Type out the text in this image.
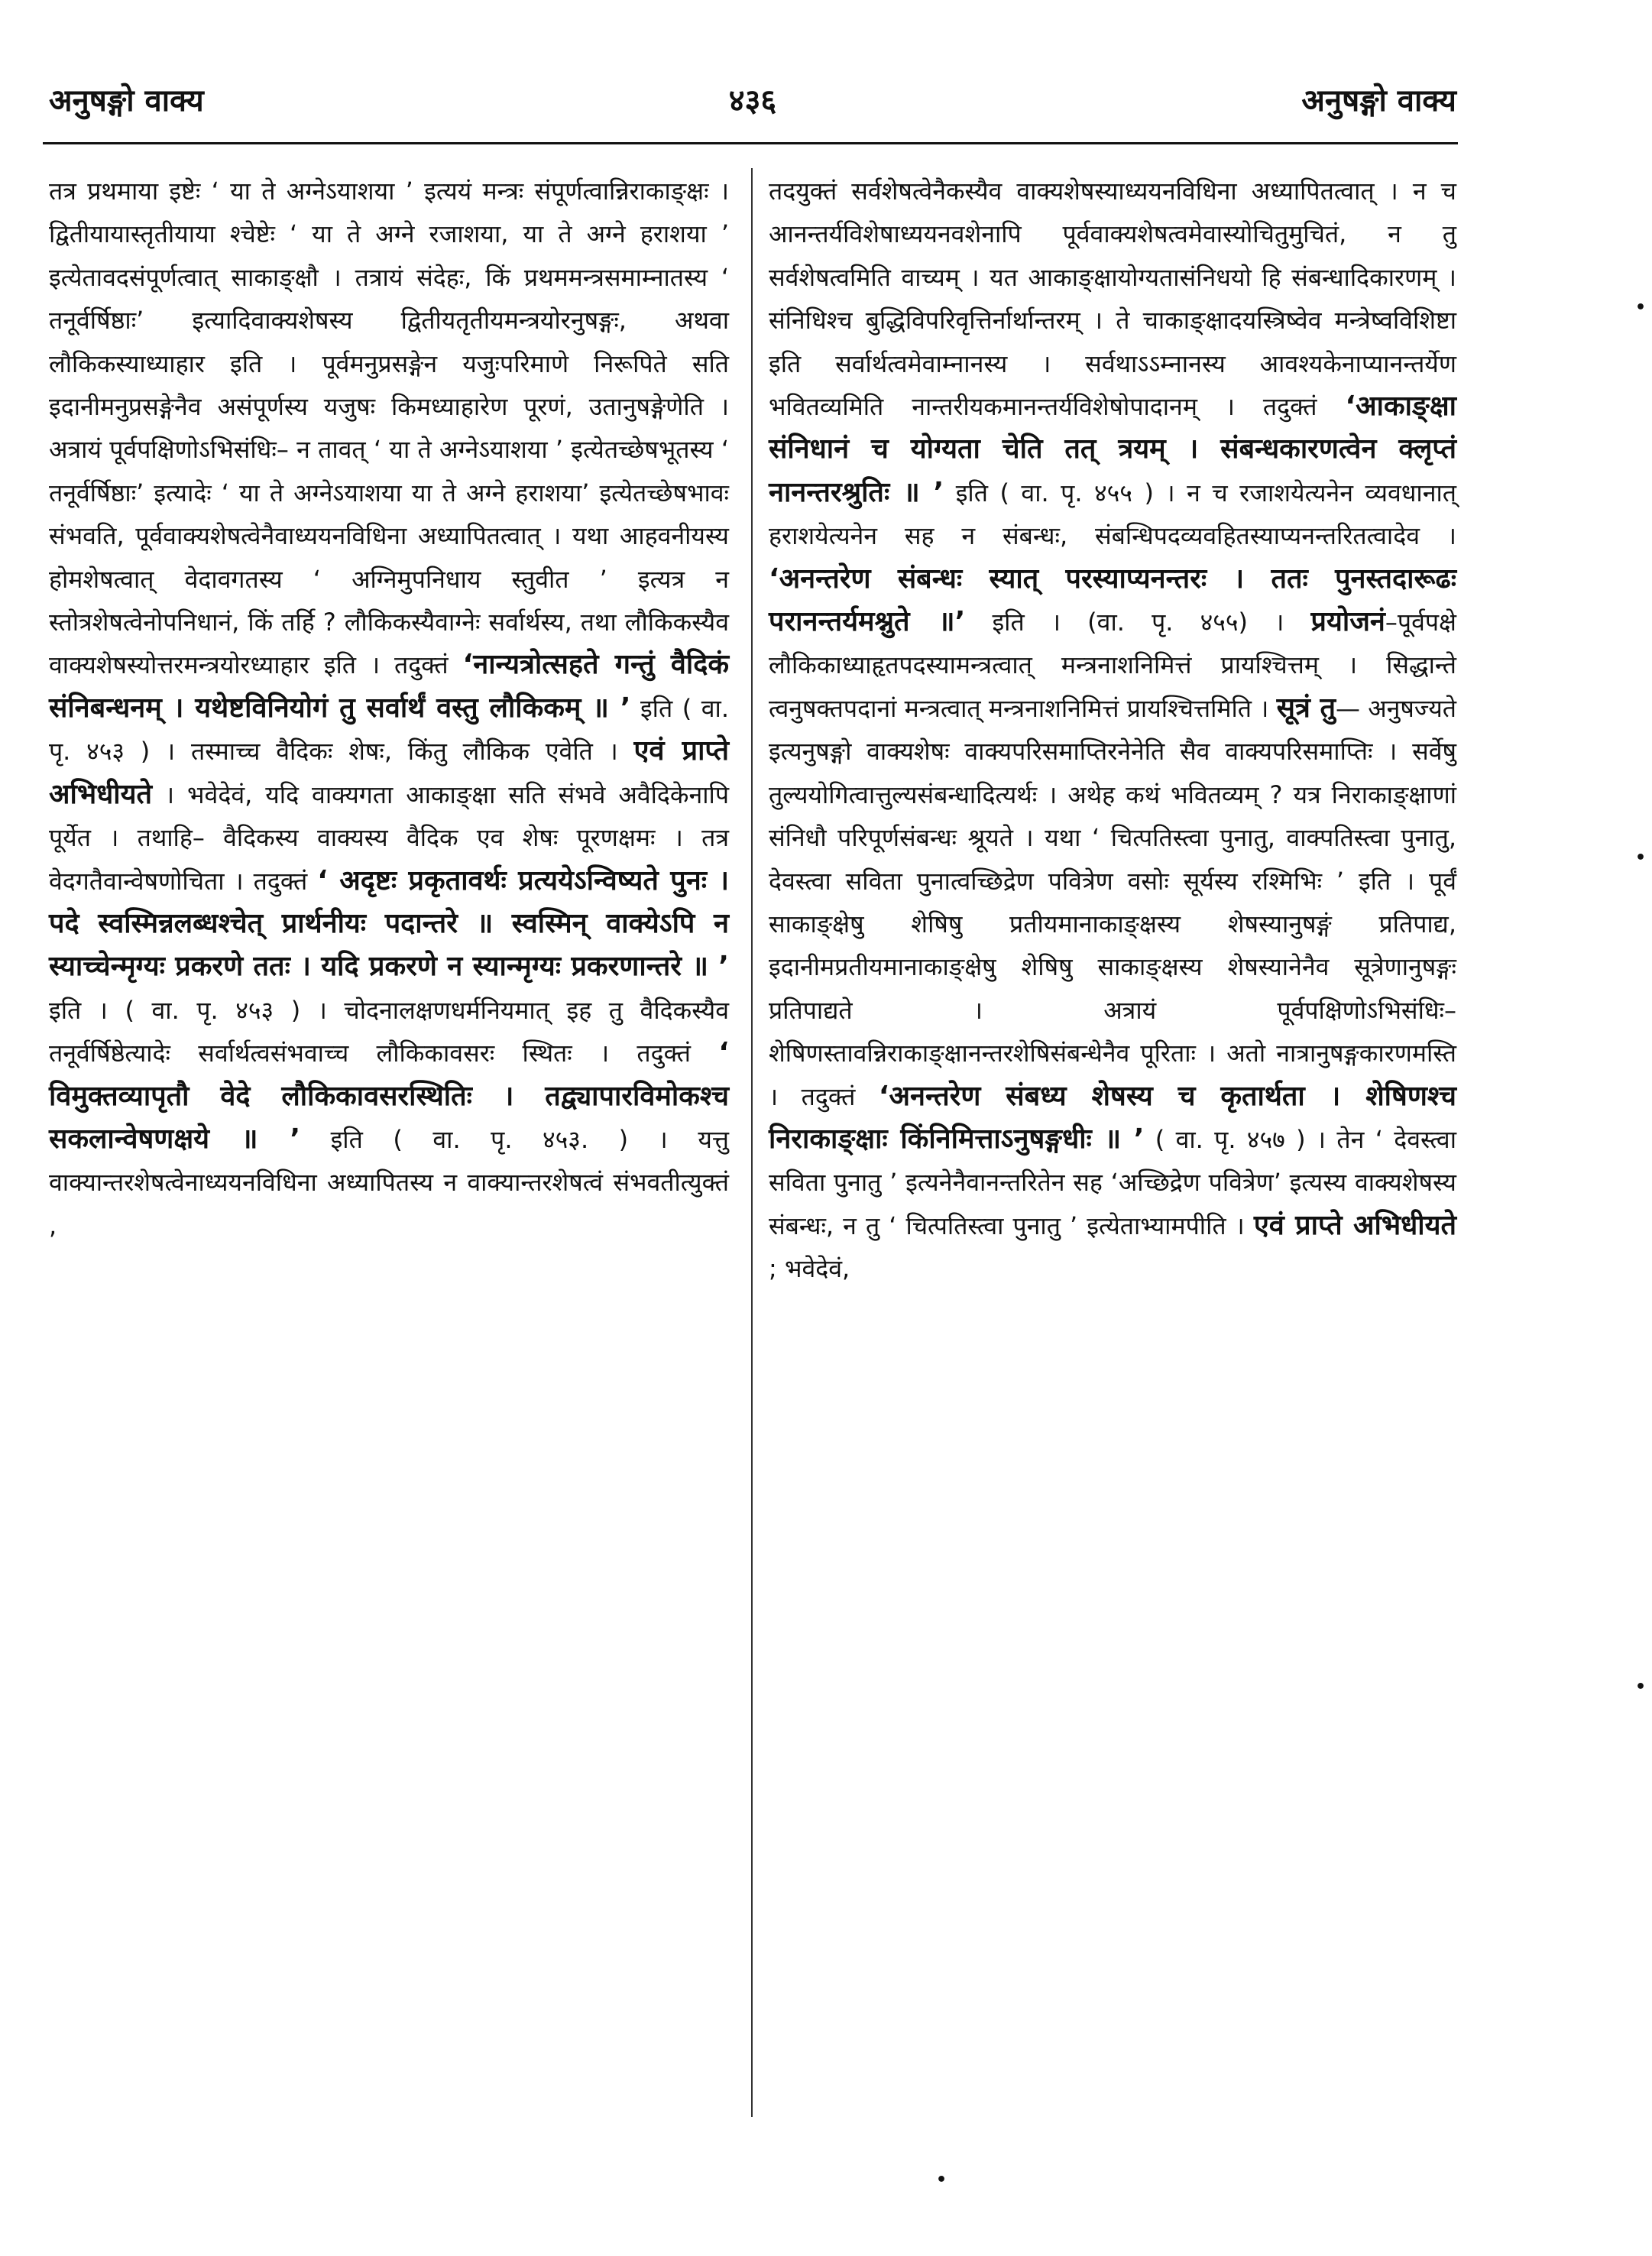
अनुषङ्गो वाक्य	४३६	अनुषङ्गो वाक्य

तत्र प्रथमाया इष्टेः ‘ या ते अग्नेऽयाशया ’ इत्ययं मन्त्रः संपूर्णत्वान्निराकाङ्क्षः । द्वितीयायास्तृतीयाया श्चेष्टेः ‘ या ते अग्ने रजाशया, या ते अग्ने हराशया ’ इत्येतावदसंपूर्णत्वात् साकाङ्क्षौ । तत्रायं संदेहः, किं प्रथममन्त्रसमाम्नातस्य ‘ तनूर्वर्षिष्ठाः’ इत्यादिवाक्यशेषस्य द्वितीयतृतीयमन्त्रयोरनुषङ्गः, अथवा लौकिकस्याध्याहार इति । पूर्वमनुप्रसङ्गेन यजुःपरिमाणे निरूपिते सति इदानीमनुप्रसङ्गेनैव असंपूर्णस्य यजुषः किमध्याहारेण पूरणं, उतानुषङ्गेणेति । अत्रायं पूर्वपक्षिणोऽभिसंधिः– न तावत् ‘ या ते अग्नेऽयाशया ’ इत्येतच्छेषभूतस्य ‘ तनूर्वर्षिष्ठाः’ इत्यादेः ‘ या ते अग्नेऽयाशया या ते अग्ने हराशया’ इत्येतच्छेषभावः संभवति, पूर्ववाक्यशेषत्वेनैवाध्ययनविधिना अध्यापितत्वात् । यथा आहवनीयस्य होमशेषत्वात् वेदावगतस्य ‘ अग्निमुपनिधाय स्तुवीत ’ इत्यत्र न स्तोत्रशेषत्वेनोपनिधानं, किं तर्हि ? लौकिकस्यैवाग्नेः सर्वार्थस्य, तथा लौकिकस्यैव वाक्यशेषस्योत्तरमन्त्रयोरध्याहार इति । तदुक्तं ‘नान्यत्रोत्सहते गन्तुं वैदिकं संनिबन्धनम् । यथेष्टविनियोगं तु सर्वार्थं वस्तु लौकिकम् ॥ ’ इति ( वा. पृ. ४५३ ) । तस्माच्च वैदिकः शेषः, किंतु लौकिक एवेति । एवं प्राप्ते अभिधीयते । भवेदेवं, यदि वाक्यगता आकाङ्क्षा सति संभवे अवैदिकेनापि पूर्येत । तथाहि– वैदिकस्य वाक्यस्य वैदिक एव शेषः पूरणक्षमः । तत्र वेदगतैवान्वेषणोचिता । तदुक्तं ‘ अदृष्टः प्रकृतावर्थः प्रत्ययेऽन्विष्यते पुनः । पदे स्वस्मिन्नलब्धश्चेत् प्रार्थनीयः पदान्तरे ॥ स्वस्मिन् वाक्येऽपि न स्याच्चेन्मृग्यः प्रकरणे ततः । यदि प्रकरणे न स्यान्मृग्यः प्रकरणान्तरे ॥ ’ इति । ( वा. पृ. ४५३ ) । चोदनालक्षणधर्मनियमात् इह तु वैदिकस्यैव तनूर्वर्षिष्ठेत्यादेः सर्वार्थत्वसंभवाच्च लौकिकावसरः स्थितः । तदुक्तं ‘ विमुक्तव्यापृतौ वेदे लौकिकावसरस्थितिः । तद्व्यापारविमोकश्च सकलान्वेषणक्षये ॥ ’ इति ( वा. पृ. ४५३. ) । यत्तु वाक्यान्तरशेषत्वेनाध्ययनविधिना अध्यापितस्य न वाक्यान्तरशेषत्वं संभवतीत्युक्तं ,

तदयुक्तं सर्वशेषत्वेनैकस्यैव वाक्यशेषस्याध्ययनविधिना अध्यापितत्वात् । न च आनन्तर्यविशेषाध्ययनवशेनापि पूर्ववाक्यशेषत्वमेवास्योचितुमुचितं, न तु सर्वशेषत्वमिति वाच्यम् । यत आकाङ्क्षायोग्यतासंनिधयो हि संबन्धादिकारणम् । संनिधिश्च बुद्धिविपरिवृत्तिर्नार्थान्तरम् । ते चाकाङ्क्षादयस्त्रिष्वेव मन्त्रेष्वविशिष्टा इति सर्वार्थत्वमेवाम्नानस्य । सर्वथाऽऽम्नानस्य आवश्यकेनाप्यानन्तर्येण भवितव्यमिति नान्तरीयकमानन्तर्यविशेषोपादानम् । तदुक्तं ‘आकाङ्क्षा संनिधानं च योग्यता चेति तत् त्रयम् । संबन्धकारणत्वेन क्लृप्तं नानन्तरश्रुतिः ॥ ’ इति ( वा. पृ. ४५५ ) । न च रजाशयेत्यनेन व्यवधानात् हराशयेत्यनेन सह न संबन्धः, संबन्धिपदव्यवहितस्याप्यनन्तरितत्वादेव । ‘अनन्तरेण संबन्धः स्यात् परस्याप्यनन्तरः । ततः पुनस्तदारूढः परानन्तर्यमश्नुते ॥’ इति । (वा. पृ. ४५५) । प्रयोजनं–पूर्वपक्षे लौकिकाध्याहृतपदस्यामन्त्रत्वात् मन्त्रनाशनिमित्तं प्रायश्चित्तम् । सिद्धान्ते त्वनुषक्तपदानां मन्त्रत्वात् मन्त्रनाशनिमित्तं प्रायश्चित्तमिति । सूत्रं तु— अनुषज्यते इत्यनुषङ्गो वाक्यशेषः वाक्यपरिसमाप्तिरनेनेति सैव वाक्यपरिसमाप्तिः । सर्वेषु तुल्ययोगित्वात्तुल्यसंबन्धादित्यर्थः । अथेह कथं भवितव्यम् ? यत्र निराकाङ्क्षाणां संनिधौ परिपूर्णसंबन्धः श्रूयते । यथा ‘ चित्पतिस्त्वा पुनातु, वाक्पतिस्त्वा पुनातु, देवस्त्वा सविता पुनात्वच्छिद्रेण पवित्रेण वसोः सूर्यस्य रश्मिभिः ’ इति । पूर्वं साकाङ्क्षेषु शेषिषु प्रतीयमानाकाङ्क्षस्य शेषस्यानुषङ्गं प्रतिपाद्य, इदानीमप्रतीयमानाकाङ्क्षेषु शेषिषु साकाङ्क्षस्य शेषस्यानेनैव सूत्रेणानुषङ्गः प्रतिपाद्यते । अत्रायं पूर्वपक्षिणोऽभिसंधिः–शेषिणस्तावन्निराकाङ्क्षानन्तरशेषिसंबन्धेनैव पूरिताः । अतो नात्रानुषङ्गकारणमस्ति । तदुक्तं ‘अनन्तरेण संबध्य शेषस्य च कृतार्थता । शेषिणश्च निराकाङ्क्षाः किंनिमित्ताऽनुषङ्गधीः ॥ ’ ( वा. पृ. ४५७ ) । तेन ‘ देवस्त्वा सविता पुनातु ’ इत्यनेनैवानन्तरितेन सह ‘अच्छिद्रेण पवित्रेण’ इत्यस्य वाक्यशेषस्य संबन्धः, न तु ‘ चित्पतिस्त्वा पुनातु ’ इत्येताभ्यामपीति । एवं प्राप्ते अभिधीयते ; भवेदेवं,

•
•
•
•
